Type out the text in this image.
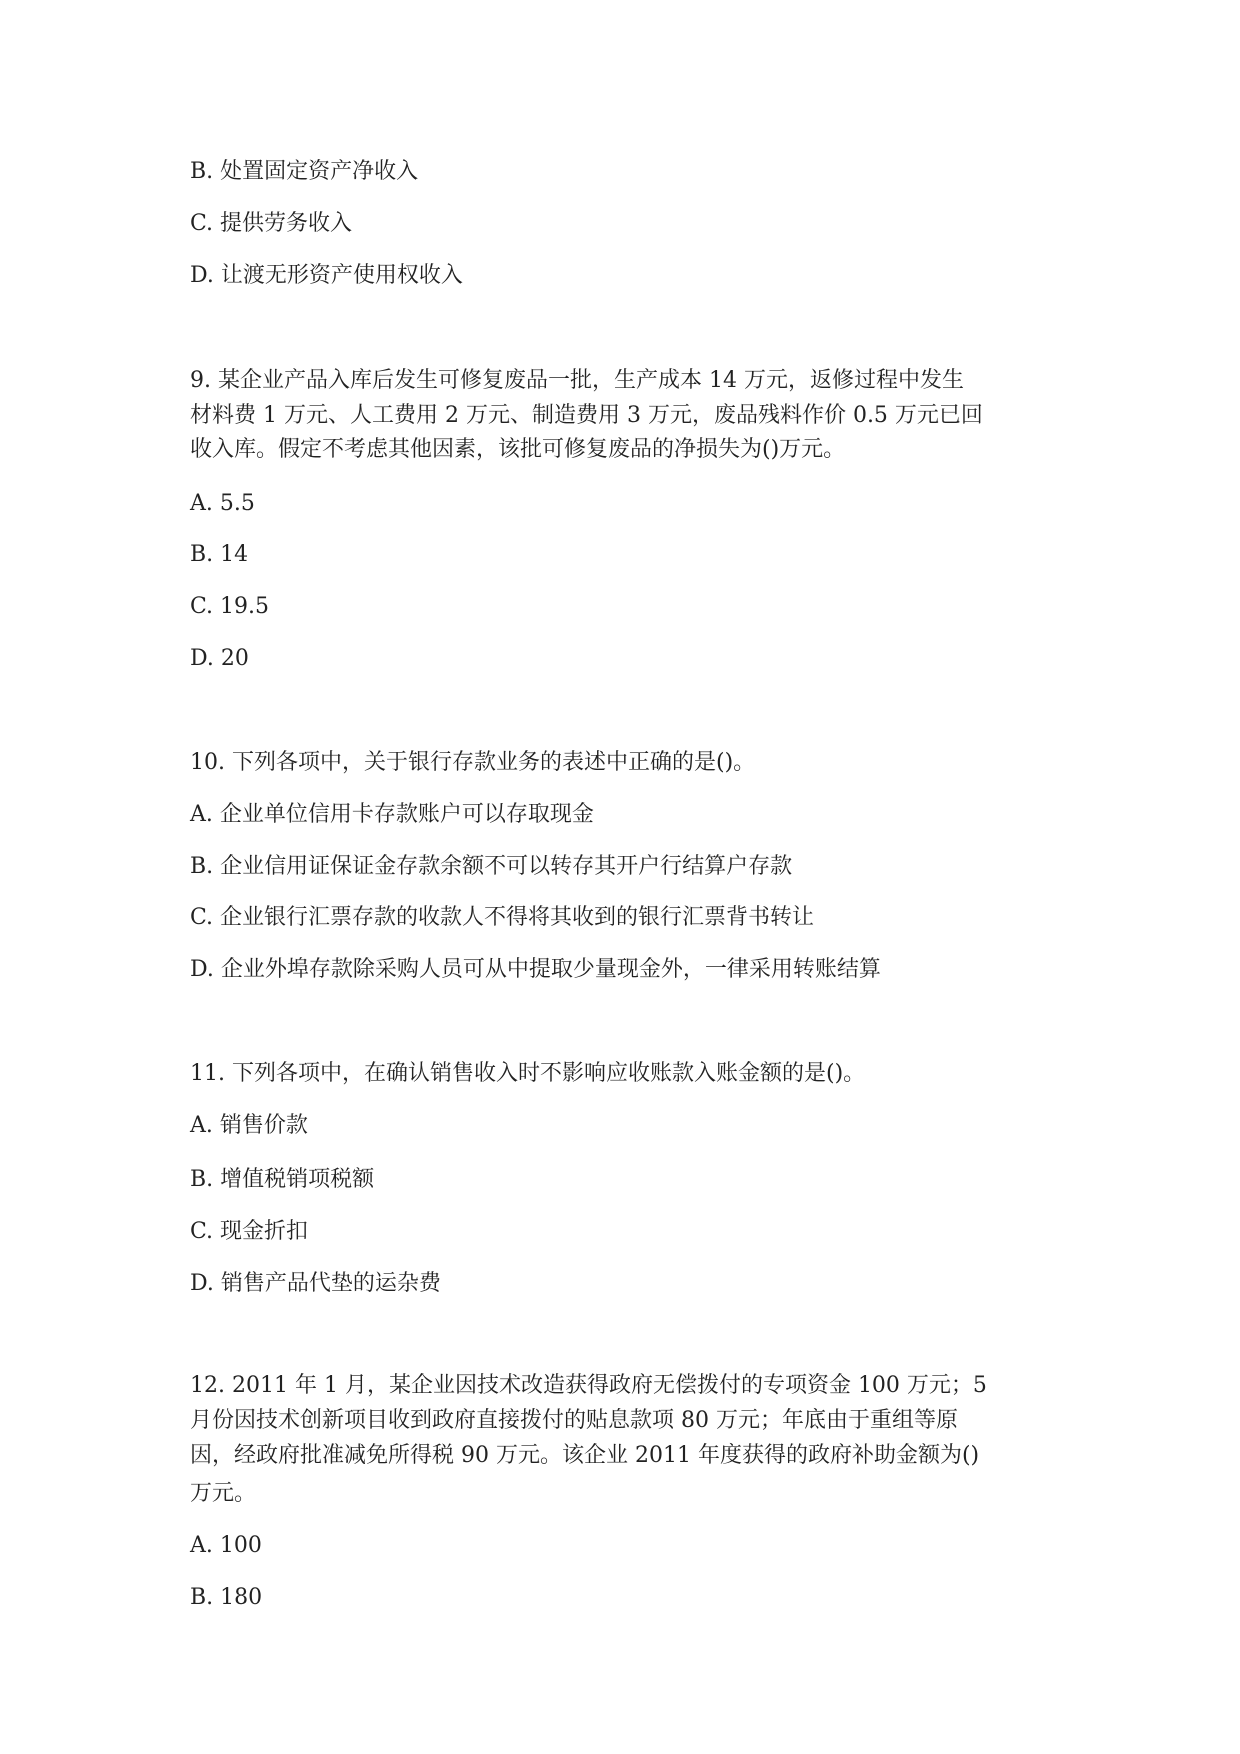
B. 处置固定资产净收入
C. 提供劳务收入
D. 让渡无形资产使用权收入
9. 某企业产品入库后发生可修复废品一批，生产成本 14 万元，返修过程中发生
材料费 1 万元、人工费用 2 万元、制造费用 3 万元，废品残料作价 0.5 万元已回
收入库。假定不考虑其他因素，该批可修复废品的净损失为()万元。
A. 5.5
B. 14
C. 19.5
D. 20
10. 下列各项中，关于银行存款业务的表述中正确的是()。
A. 企业单位信用卡存款账户可以存取现金
B. 企业信用证保证金存款余额不可以转存其开户行结算户存款
C. 企业银行汇票存款的收款人不得将其收到的银行汇票背书转让
D. 企业外埠存款除采购人员可从中提取少量现金外，一律采用转账结算
11. 下列各项中，在确认销售收入时不影响应收账款入账金额的是()。
A. 销售价款
B. 增值税销项税额
C. 现金折扣
D. 销售产品代垫的运杂费
12. 2011 年 1 月，某企业因技术改造获得政府无偿拨付的专项资金 100 万元；5
月份因技术创新项目收到政府直接拨付的贴息款项 80 万元；年底由于重组等原
因，经政府批准减免所得税 90 万元。该企业 2011 年度获得的政府补助金额为()
万元。
A. 100
B. 180
